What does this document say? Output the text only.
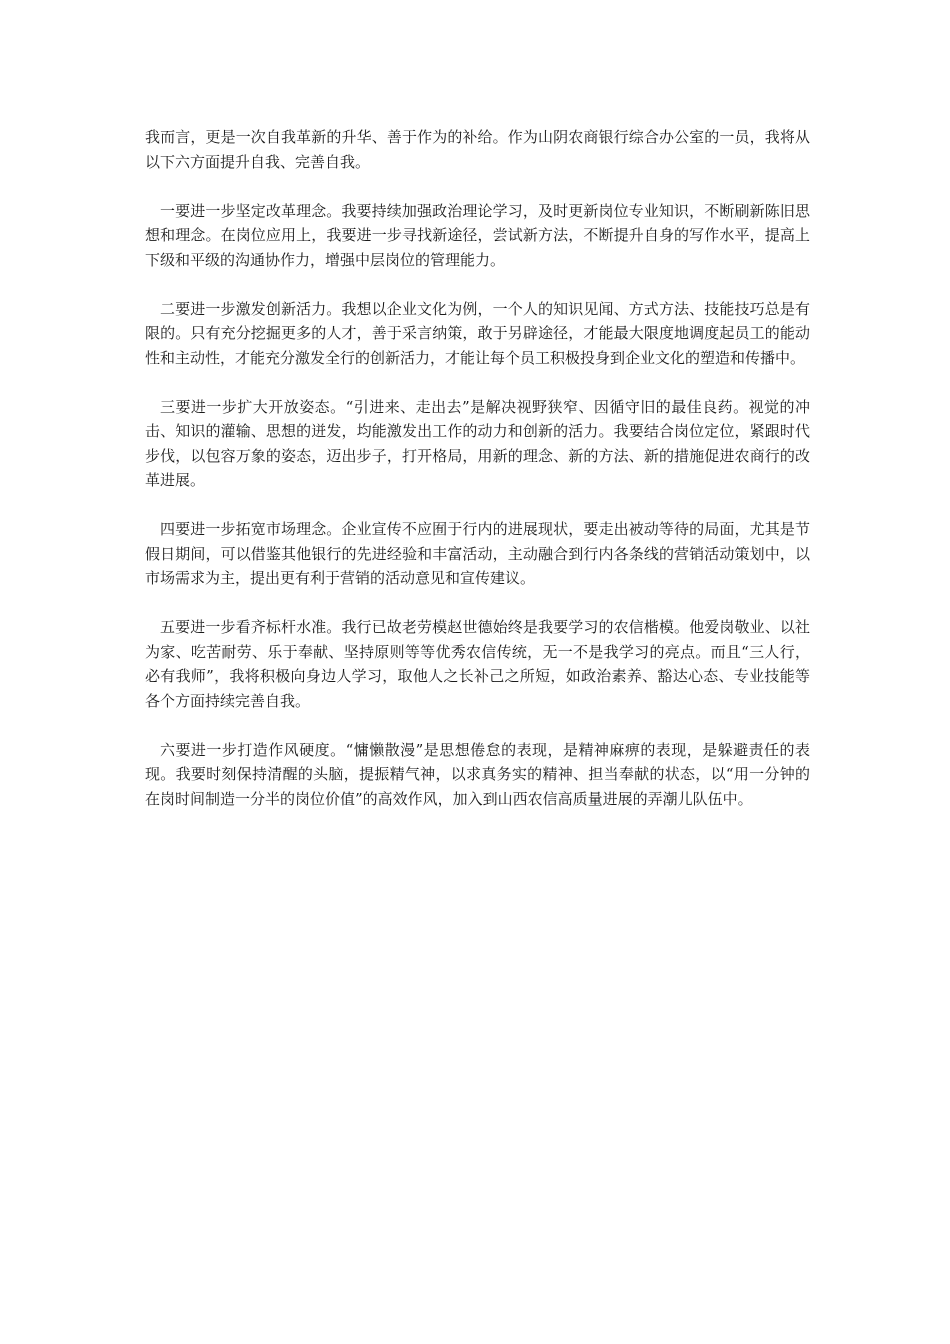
我而言，更是一次自我革新的升华、善于作为的补给。作为山阴农商银行综合办公室的一员，我将从以下六方面提升自我、完善自我。

一要进一步坚定改革理念。我要持续加强政治理论学习，及时更新岗位专业知识，不断刷新陈旧思想和理念。在岗位应用上，我要进一步寻找新途径，尝试新方法，不断提升自身的写作水平，提高上下级和平级的沟通协作力，增强中层岗位的管理能力。

二要进一步激发创新活力。我想以企业文化为例，一个人的知识见闻、方式方法、技能技巧总是有限的。只有充分挖掘更多的人才，善于采言纳策，敢于另辟途径，才能最大限度地调度起员工的能动性和主动性，才能充分激发全行的创新活力，才能让每个员工积极投身到企业文化的塑造和传播中。

三要进一步扩大开放姿态。“引进来、走出去”是解决视野狭窄、因循守旧的最佳良药。视觉的冲击、知识的灌输、思想的迸发，均能激发出工作的动力和创新的活力。我要结合岗位定位，紧跟时代步伐，以包容万象的姿态，迈出步子，打开格局，用新的理念、新的方法、新的措施促进农商行的改革进展。

四要进一步拓宽市场理念。企业宣传不应囿于行内的进展现状，要走出被动等待的局面，尤其是节假日期间，可以借鉴其他银行的先进经验和丰富活动，主动融合到行内各条线的营销活动策划中，以市场需求为主，提出更有利于营销的活动意见和宣传建议。

五要进一步看齐标杆水准。我行已故老劳模赵世德始终是我要学习的农信楷模。他爱岗敬业、以社为家、吃苦耐劳、乐于奉献、坚持原则等等优秀农信传统，无一不是我学习的亮点。而且“三人行，必有我师”，我将积极向身边人学习，取他人之长补己之所短，如政治素养、豁达心态、专业技能等各个方面持续完善自我。

六要进一步打造作风硬度。“慵懒散漫”是思想倦怠的表现，是精神麻痹的表现，是躲避责任的表现。我要时刻保持清醒的头脑，提振精气神，以求真务实的精神、担当奉献的状态，以“用一分钟的在岗时间制造一分半的岗位价值”的高效作风，加入到山西农信高质量进展的弄潮儿队伍中。
